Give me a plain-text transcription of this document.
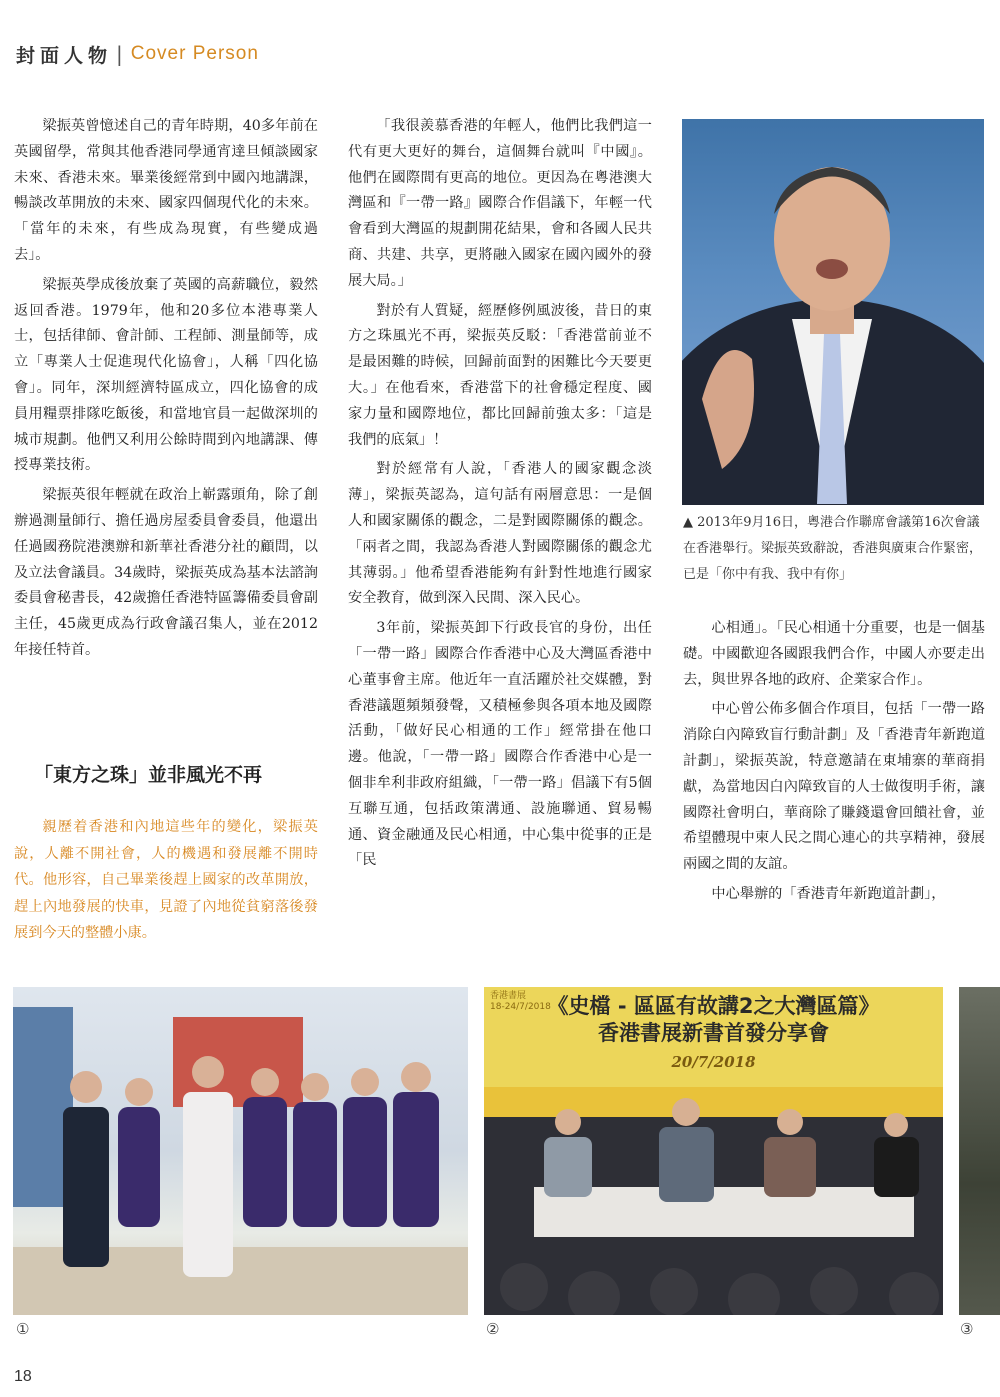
封面人物 | Cover Person

梁振英曾憶述自己的青年時期，40多年前在英國留學，常與其他香港同學通宵達旦傾談國家未來、香港未來。畢業後經常到中國內地講課，暢談改革開放的未來、國家四個現代化的未來。「當年的未來，有些成為現實，有些變成過去」。

梁振英學成後放棄了英國的高薪職位，毅然返回香港。1979年，他和20多位本港專業人士，包括律師、會計師、工程師、測量師等，成立「專業人士促進現代化協會」，人稱「四化協會」。同年，深圳經濟特區成立，四化協會的成員用糧票排隊吃飯後，和當地官員一起做深圳的城市規劃。他們又利用公餘時間到內地講課、傳授專業技術。

梁振英很年輕就在政治上嶄露頭角，除了創辦過測量師行、擔任過房屋委員會委員，他還出任過國務院港澳辦和新華社香港分社的顧問，以及立法會議員。34歲時，梁振英成為基本法諮詢委員會秘書長，42歲擔任香港特區籌備委員會副主任，45歲更成為行政會議召集人，並在2012年接任特首。

「東方之珠」並非風光不再
親歷着香港和內地這些年的變化，梁振英說，人離不開社會，人的機遇和發展離不開時代。他形容，自己畢業後趕上國家的改革開放，趕上內地發展的快車，見證了內地從貧窮落後發展到今天的整體小康。

「我很羨慕香港的年輕人，他們比我們這一代有更大更好的舞台，這個舞台就叫『中國』。他們在國際間有更高的地位。更因為在粵港澳大灣區和『一帶一路』國際合作倡議下，年輕一代會看到大灣區的規劃開花結果，會和各國人民共商、共建、共享，更將融入國家在國內國外的發展大局。」

對於有人質疑，經歷修例風波後，昔日的東方之珠風光不再，梁振英反駁：「香港當前並不是最困難的時候，回歸前面對的困難比今天要更大。」在他看來，香港當下的社會穩定程度、國家力量和國際地位，都比回歸前強太多：「這是我們的底氣」！

對於經常有人說，「香港人的國家觀念淡薄」，梁振英認為，這句話有兩層意思：一是個人和國家關係的觀念，二是對國際關係的觀念。「兩者之間，我認為香港人對國際關係的觀念尤其薄弱。」他希望香港能夠有針對性地進行國家安全教育，做到深入民間、深入民心。

3年前，梁振英卸下行政長官的身份，出任「一帶一路」國際合作香港中心及大灣區香港中心董事會主席。他近年一直活躍於社交媒體，對香港議題頻頻發聲，又積極參與各項本地及國際活動，「做好民心相通的工作」經常掛在他口邊。他說，「一帶一路」國際合作香港中心是一個非牟利非政府組織，「一帶一路」倡議下有5個互聯互通，包括政策溝通、設施聯通、貿易暢通、資金融通及民心相通，中心集中從事的正是「民

▲ 2013年9月16日，粵港合作聯席會議第16次會議在香港舉行。梁振英致辭說，香港與廣東合作緊密，已是「你中有我、我中有你」

心相通」。「民心相通十分重要，也是一個基礎。中國歡迎各國跟我們合作，中國人亦要走出去，與世界各地的政府、企業家合作」。

中心曾公佈多個合作項目，包括「一帶一路消除白內障致盲行動計劃」及「香港青年新跑道計劃」，梁振英說，特意邀請在東埔寨的華商捐獻，為當地因白內障致盲的人士做復明手術，讓國際社會明白，華商除了賺錢還會回饋社會，並希望體現中柬人民之間心連心的共享精神，發展兩國之間的友誼。

中心舉辦的「香港青年新跑道計劃」，

香港書展
18-24/7/2018
《史檔 - 區區有故講2之大灣區篇》
香港書展新書首發分享會
20/7/2018
①	②	③
18
